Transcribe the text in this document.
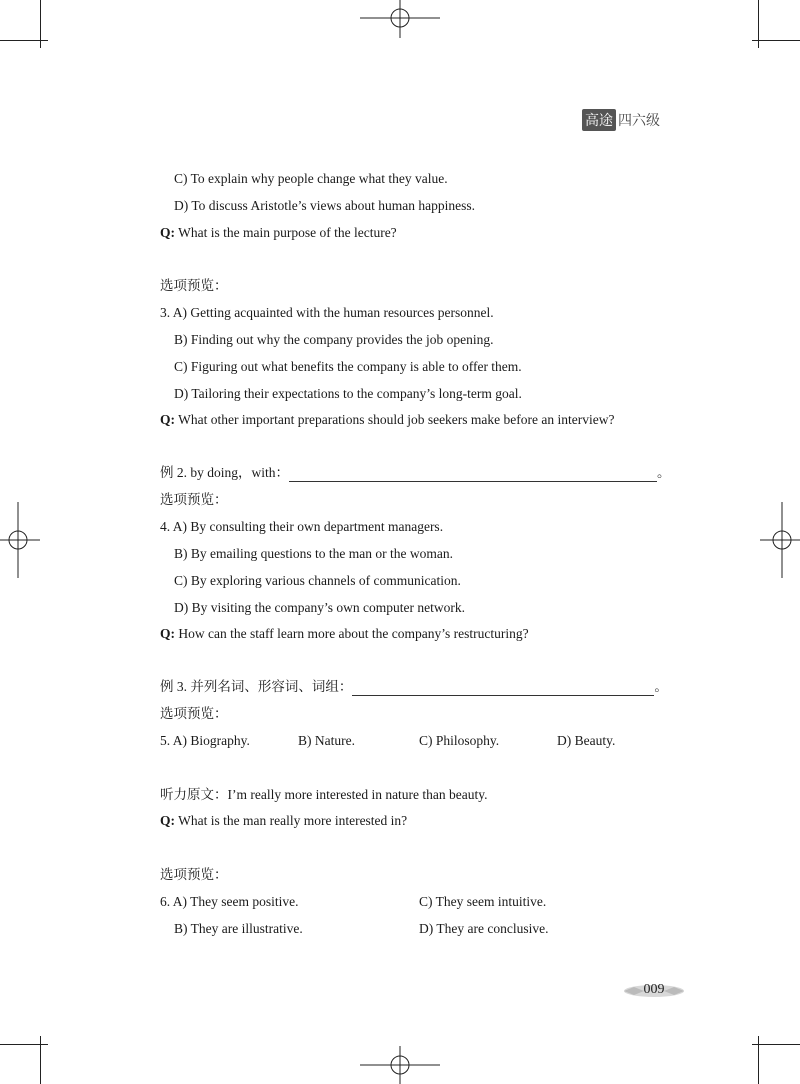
高途 四六级
C) To explain why people change what they value.
D) To discuss Aristotle’s views about human happiness.
Q: What is the main purpose of the lecture?
选项预览：
3. A) Getting acquainted with the human resources personnel.
B) Finding out why the company provides the job opening.
C) Figuring out what benefits the company is able to offer them.
D) Tailoring their expectations to the company’s long-term goal.
Q: What other important preparations should job seekers make before an interview?
例 2. by doing，with：	。
选项预览：
4. A) By consulting their own department managers.
B) By emailing questions to the man or the woman.
C) By exploring various channels of communication.
D) By visiting the company’s own computer network.
Q: How can the staff learn more about the company’s restructuring?
例 3. 并列名词、形容词、词组：	。
选项预览：
5. A) Biography.	B) Nature.	C) Philosophy.	D) Beauty.
听力原文：I’m really more interested in nature than beauty.
Q: What is the man really more interested in?
选项预览：
6. A) They seem positive.	C) They seem intuitive.
B) They are illustrative.	D) They are conclusive.
009
